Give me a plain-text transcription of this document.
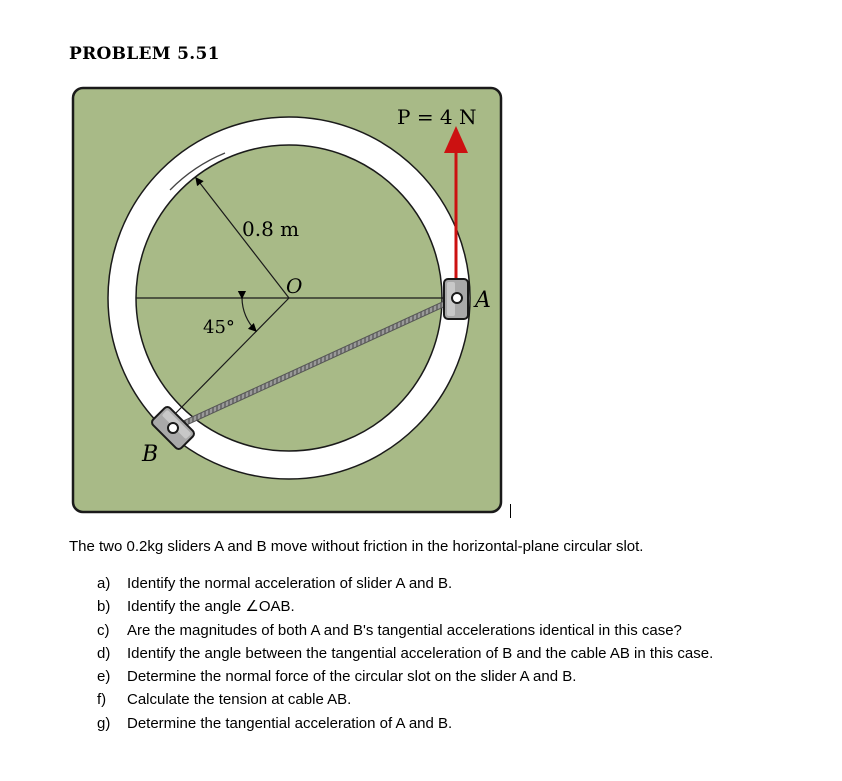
PROBLEM 5.51
P = 4 N
0.8 m
O
45°
A
B
The two 0.2kg sliders A and B move without friction in the horizontal-plane circular slot.
a) Identify the normal acceleration of slider A and B.
b) Identify the angle ∠OAB.
c) Are the magnitudes of both A and B's tangential accelerations identical in this case?
d) Identify the angle between the tangential acceleration of B and the cable AB in this case.
e) Determine the normal force of the circular slot on the slider A and B.
f) Calculate the tension at cable AB.
g) Determine the tangential acceleration of A and B.
